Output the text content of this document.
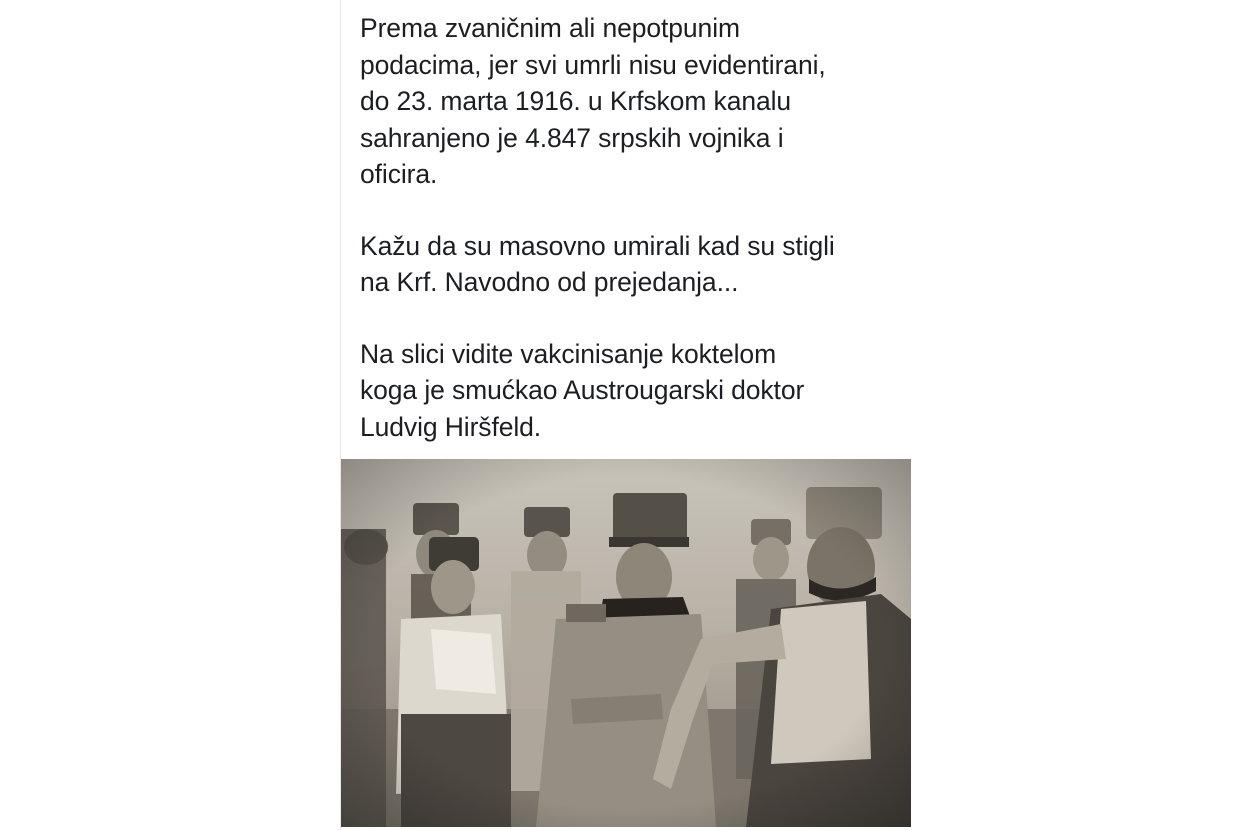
Prema zvaničnim ali nepotpunim
podacima, jer svi umrli nisu evidentirani,
do 23. marta 1916. u Krfskom kanalu
sahranjeno je 4.847 srpskih vojnika i
oficira.

Kažu da su masovno umirali kad su stigli
na Krf. Navodno od prejedanja...

Na slici vidite vakcinisanje koktelom
koga je smućkao Austrougarski doktor
Ludvig Hiršfeld.
